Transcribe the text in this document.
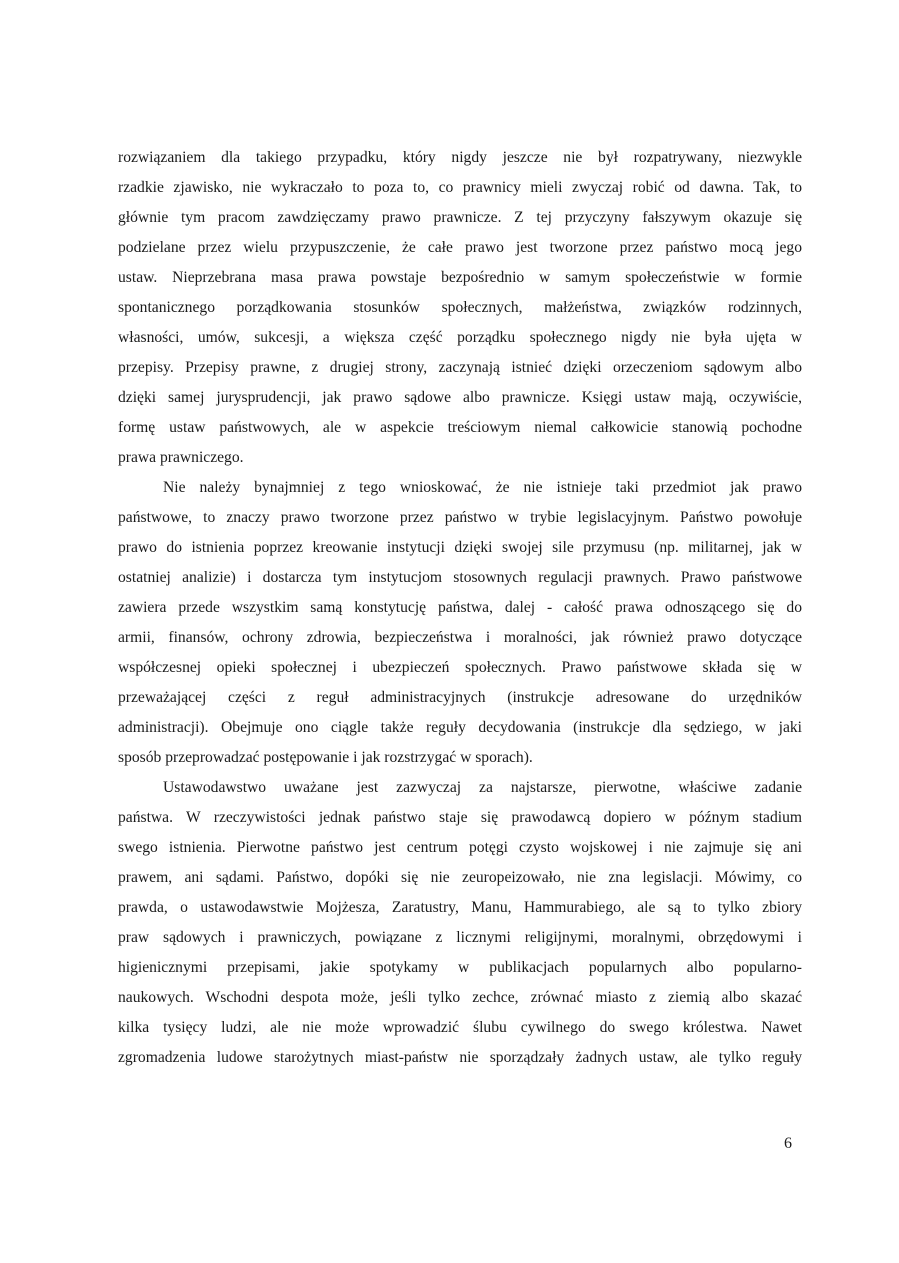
rozwiązaniem dla takiego przypadku, który nigdy jeszcze nie był rozpatrywany, niezwykle
rzadkie zjawisko, nie wykraczało to poza to, co prawnicy mieli zwyczaj robić od dawna. Tak, to
głównie tym pracom zawdzięczamy prawo prawnicze. Z tej przyczyny fałszywym okazuje się
podzielane przez wielu przypuszczenie, że całe prawo jest tworzone przez państwo mocą jego
ustaw. Nieprzebrana masa prawa powstaje bezpośrednio w samym społeczeństwie w formie
spontanicznego porządkowania stosunków społecznych, małżeństwa, związków rodzinnych,
własności, umów, sukcesji, a większa część porządku społecznego nigdy nie była ujęta w
przepisy. Przepisy prawne, z drugiej strony, zaczynają istnieć dzięki orzeczeniom sądowym albo
dzięki samej jurysprudencji, jak prawo sądowe albo prawnicze. Księgi ustaw mają, oczywiście,
formę ustaw państwowych, ale w aspekcie treściowym niemal całkowicie stanowią pochodne
prawa prawniczego.
Nie należy bynajmniej z tego wnioskować, że nie istnieje taki przedmiot jak prawo
państwowe, to znaczy prawo tworzone przez państwo w trybie legislacyjnym. Państwo powołuje
prawo do istnienia poprzez kreowanie instytucji dzięki swojej sile przymusu (np. militarnej, jak w
ostatniej analizie) i dostarcza tym instytucjom stosownych regulacji prawnych. Prawo państwowe
zawiera przede wszystkim samą konstytucję państwa, dalej - całość prawa odnoszącego się do
armii, finansów, ochrony zdrowia, bezpieczeństwa i moralności, jak również prawo dotyczące
współczesnej opieki społecznej i ubezpieczeń społecznych. Prawo państwowe składa się w
przeważającej części z reguł administracyjnych (instrukcje adresowane do urzędników
administracji). Obejmuje ono ciągle także reguły decydowania (instrukcje dla sędziego, w jaki
sposób przeprowadzać postępowanie i jak rozstrzygać w sporach).
Ustawodawstwo uważane jest zazwyczaj za najstarsze, pierwotne, właściwe zadanie
państwa. W rzeczywistości jednak państwo staje się prawodawcą dopiero w późnym stadium
swego istnienia. Pierwotne państwo jest centrum potęgi czysto wojskowej i nie zajmuje się ani
prawem, ani sądami. Państwo, dopóki się nie zeuropeizowało, nie zna legislacji. Mówimy, co
prawda, o ustawodawstwie Mojżesza, Zaratustry, Manu, Hammurabiego, ale są to tylko zbiory
praw sądowych i prawniczych, powiązane z licznymi religijnymi, moralnymi, obrzędowymi i
higienicznymi przepisami, jakie spotykamy w publikacjach popularnych albo popularno-
naukowych. Wschodni despota może, jeśli tylko zechce, zrównać miasto z ziemią albo skazać
kilka tysięcy ludzi, ale nie może wprowadzić ślubu cywilnego do swego królestwa. Nawet
zgromadzenia ludowe starożytnych miast-państw nie sporządzały żadnych ustaw, ale tylko reguły
6
